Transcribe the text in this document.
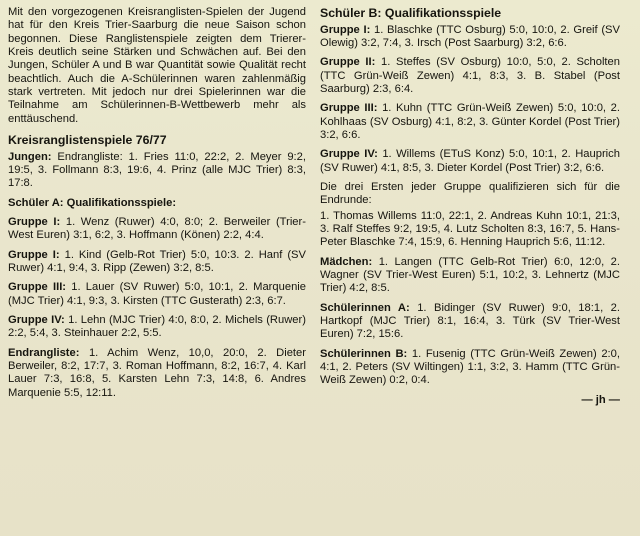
Mit den vorgezogenen Kreisranglisten-Spielen der Jugend hat für den Kreis Trier-Saarburg die neue Saison schon begonnen. Diese Ranglistenspiele zeigten dem Trierer-Kreis deutlich seine Stärken und Schwächen auf. Bei den Jungen, Schüler A und B war Quantität sowie Qualität recht beachtlich. Auch die A-Schülerinnen waren zahlenmäßig stark vertreten. Mit jedoch nur drei Spielerinnen war die Teilnahme am Schülerinnen-B-Wettbewerb mehr als enttäuschend.

Kreisranglistenspiele 76/77

Jungen: Endrangliste: 1. Fries 11:0, 22:2, 2. Meyer 9:2, 19:5, 3. Follmann 8:3, 19:6, 4. Prinz (alle MJC Trier) 8:3, 17:8.

Schüler A: Qualifikationsspiele:

Gruppe I: 1. Wenz (Ruwer) 4:0, 8:0; 2. Berweiler (Trier-West Euren) 3:1, 6:2, 3. Hoffmann (Könen) 2:2, 4:4.

Gruppe I: 1. Kind (Gelb-Rot Trier) 5:0, 10:3. 2. Hanf (SV Ruwer) 4:1, 9:4, 3. Ripp (Zewen) 3:2, 8:5.

Gruppe III: 1. Lauer (SV Ruwer) 5:0, 10:1, 2. Marquenie (MJC Trier) 4:1, 9:3, 3. Kirsten (TTC Gusterath) 2:3, 6:7.

Gruppe IV: 1. Lehn (MJC Trier) 4:0, 8:0, 2. Michels (Ruwer) 2:2, 5:4, 3. Steinhauer 2:2, 5:5.

Endrangliste: 1. Achim Wenz, 10,0, 20:0, 2. Dieter Berweiler, 8:2, 17:7, 3. Roman Hoffmann, 8:2, 16:7, 4. Karl Lauer 7:3, 16:8, 5. Karsten Lehn 7:3, 14:8, 6. Andres Marquenie 5:5, 12:11.

Schüler B: Qualifikationsspiele

Gruppe I: 1. Blaschke (TTC Osburg) 5:0, 10:0, 2. Greif (SV Olewig) 3:2, 7:4, 3. Irsch (Post Saarburg) 3:2, 6:6.

Gruppe II: 1. Steffes (SV Osburg) 10:0, 5:0, 2. Scholten (TTC Grün-Weiß Zewen) 4:1, 8:3, 3. B. Stabel (Post Saarburg) 2:3, 6:4.

Gruppe III: 1. Kuhn (TTC Grün-Weiß Zewen) 5:0, 10:0, 2. Kohlhaas (SV Osburg) 4:1, 8:2, 3. Günter Kordel (Post Trier) 3:2, 6:6.

Gruppe IV: 1. Willems (ETuS Konz) 5:0, 10:1, 2. Hauprich (SV Ruwer) 4:1, 8:5, 3. Dieter Kordel (Post Trier) 3:2, 6:6.

Die drei Ersten jeder Gruppe qualifizieren sich für die Endrunde:

1. Thomas Willems 11:0, 22:1, 2. Andreas Kuhn 10:1, 21:3, 3. Ralf Steffes 9:2, 19:5, 4. Lutz Scholten 8:3, 16:7, 5. Hans-Peter Blaschke 7:4, 15:9, 6. Henning Hauprich 5:6, 11:12.

Mädchen: 1. Langen (TTC Gelb-Rot Trier) 6:0, 12:0, 2. Wagner (SV Trier-West Euren) 5:1, 10:2, 3. Lehnertz (MJC Trier) 4:2, 8:5.

Schülerinnen A: 1. Bidinger (SV Ruwer) 9:0, 18:1, 2. Hartkopf (MJC Trier) 8:1, 16:4, 3. Türk (SV Trier-West Euren) 7:2, 15:6.

Schülerinnen B: 1. Fusenig (TTC Grün-Weiß Zewen) 2:0, 4:1, 2. Peters (SV Wiltingen) 1:1, 3:2, 3. Hamm (TTC Grün-Weiß Zewen) 0:2, 0:4.

— jh —
